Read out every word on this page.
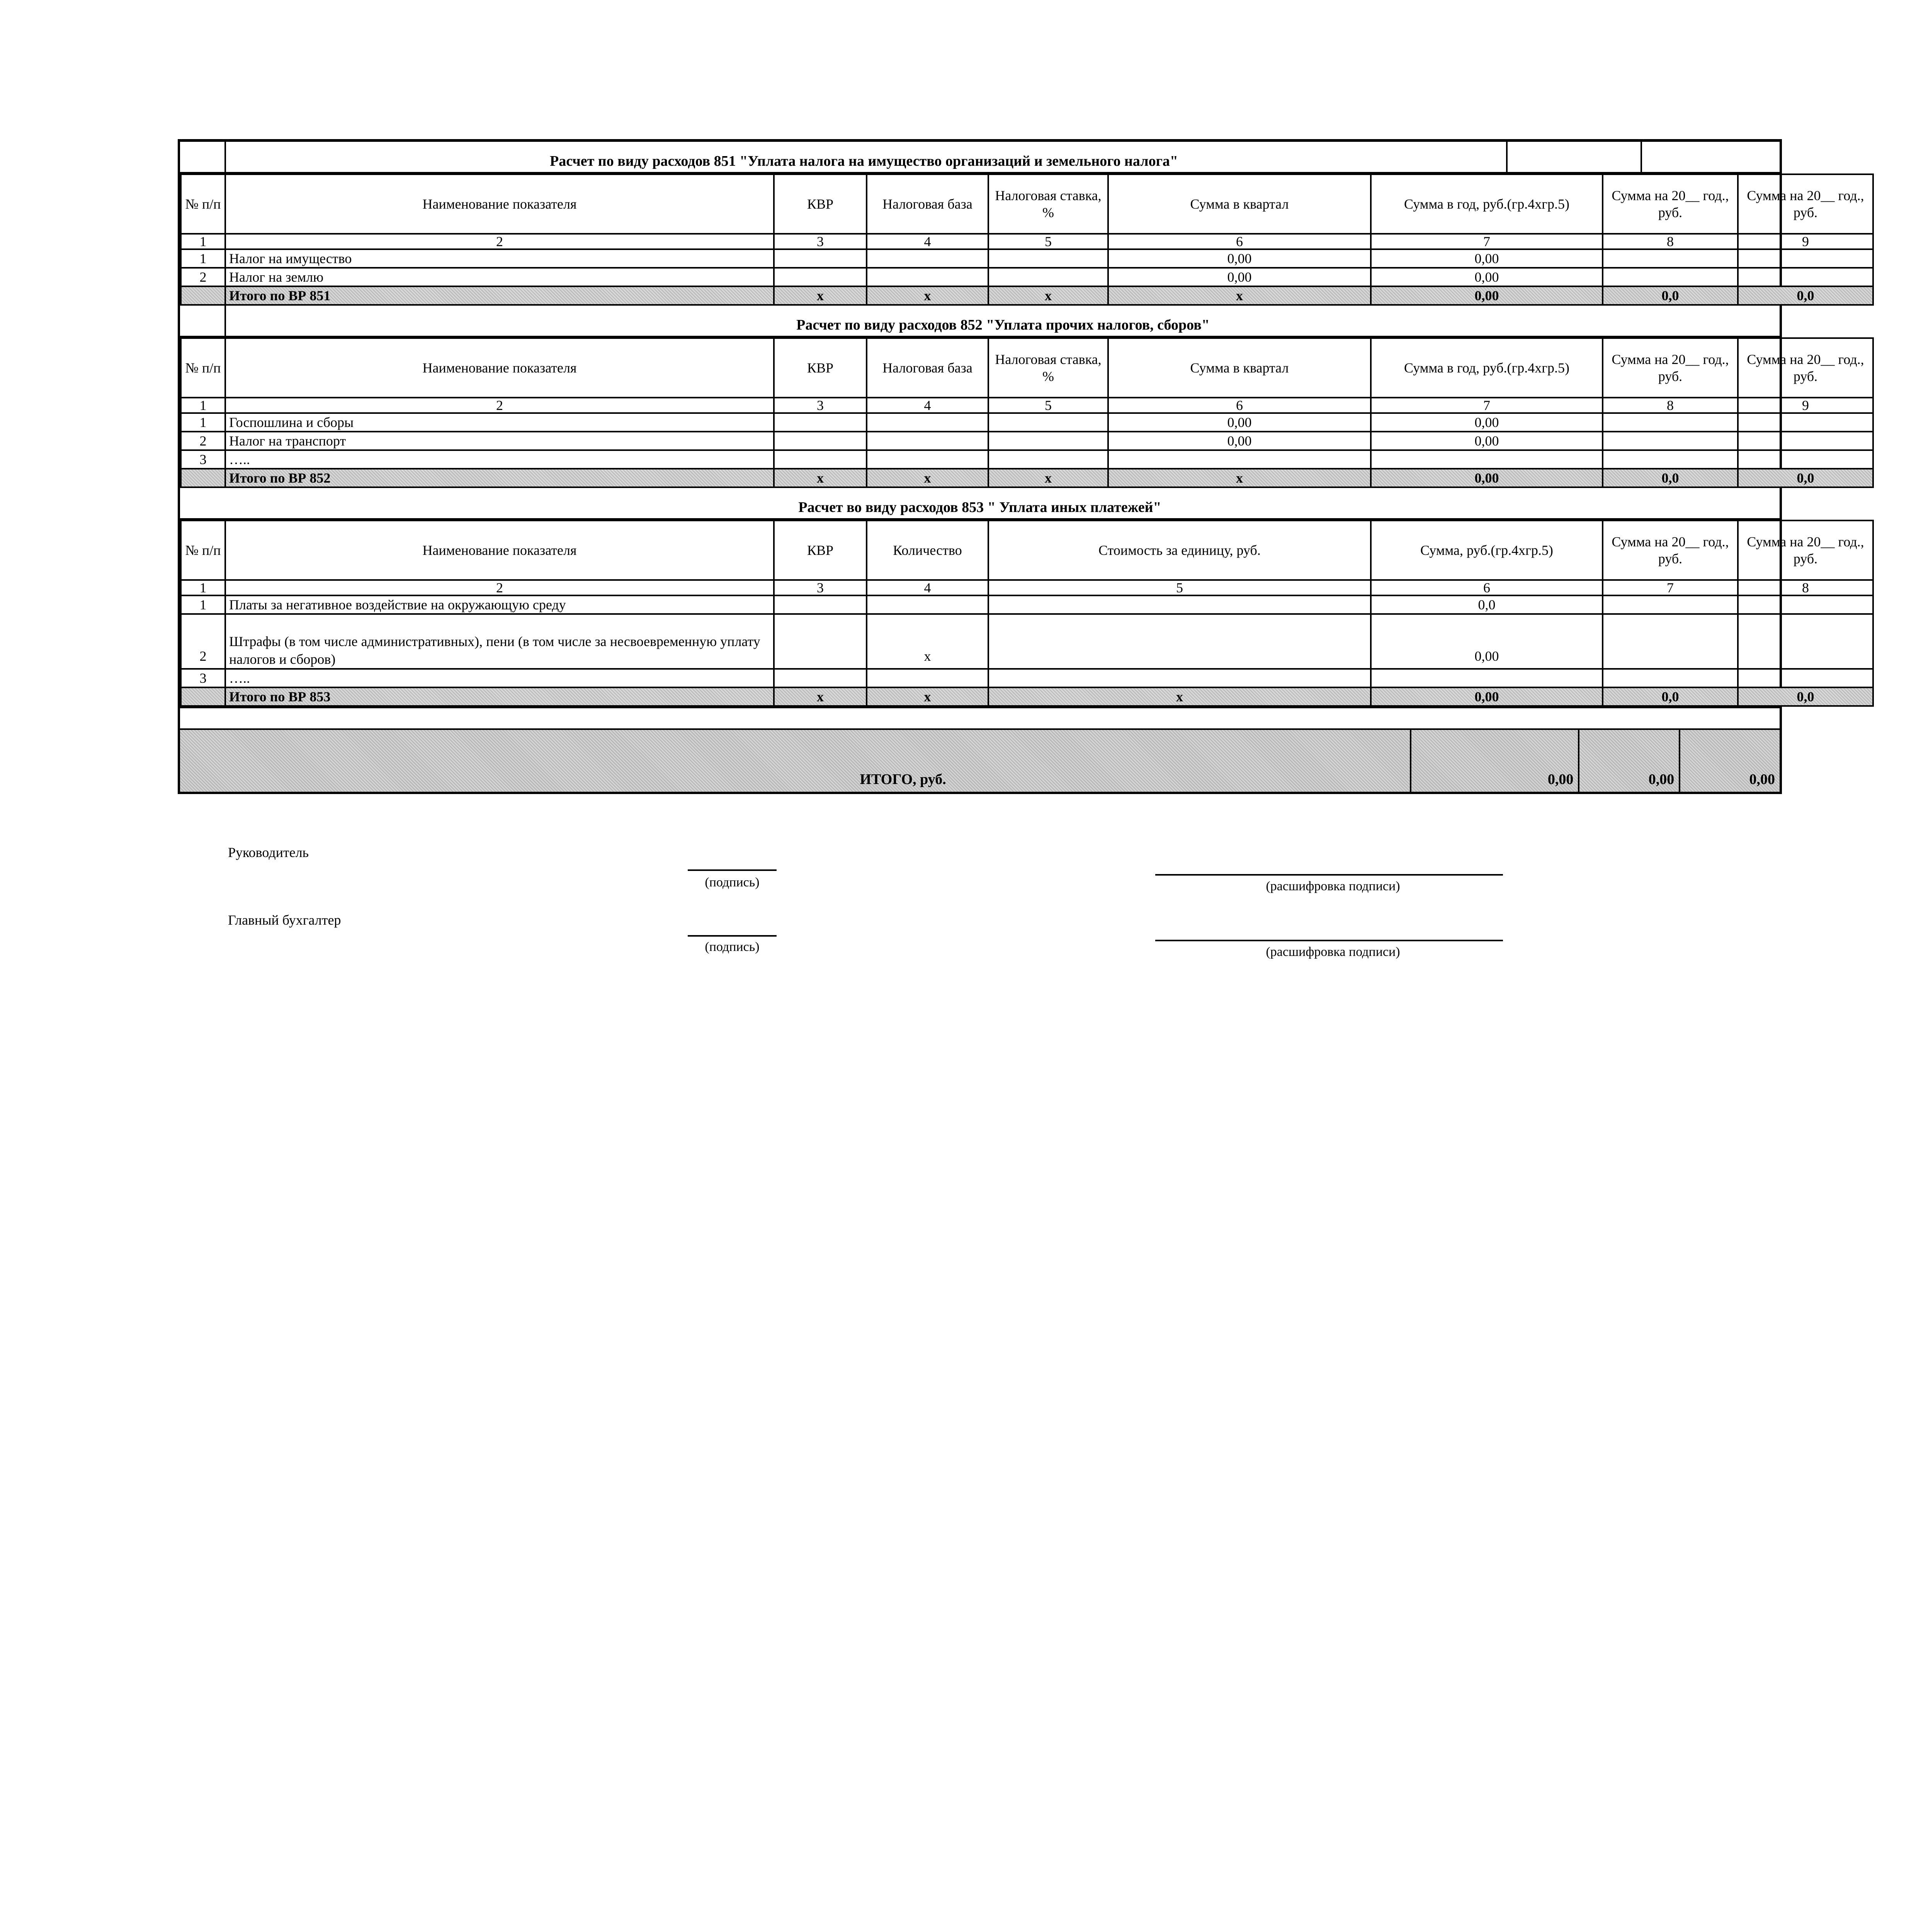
Расчет по виду расходов 851 "Уплата налога на имущество организаций и земельного налога"
№ п/п	Наименование показателя	КВР	Налоговая база	Налоговая ставка, %	Сумма в квартал	Сумма в год, руб.(гр.4хгр.5)	Сумма на 20__ год., руб.	Сумма на 20__ год., руб.
1	2	3	4	5	6	7	8	9
1	Налог на имущество				0,00	0,00		
2	Налог на землю				0,00	0,00		
	Итого по ВР 851	x	x	x	x	0,00	0,0	0,0
Расчет по виду расходов 852 "Уплата прочих налогов, сборов"
№ п/п	Наименование показателя	КВР	Налоговая база	Налоговая ставка, %	Сумма в квартал	Сумма в год, руб.(гр.4хгр.5)	Сумма на 20__ год., руб.	Сумма на 20__ год., руб.
1	2	3	4	5	6	7	8	9
1	Госпошлина и сборы				0,00	0,00		
2	Налог на транспорт				0,00	0,00		
3	…..							
	Итого по ВР 852	x	x	x	x	0,00	0,0	0,0
Расчет во виду расходов 853 " Уплата иных платежей"
№ п/п	Наименование показателя	КВР	Количество	Стоимость за единицу, руб.	Сумма, руб.(гр.4хгр.5)	Сумма на 20__ год., руб.	Сумма на 20__ год., руб.
1	2	3	4	5	6	7	8
1	Платы за негативное воздействие на окружающую среду				0,0		
2	Штрафы (в том числе административных), пени (в том числе за несвоевременную уплату налогов и сборов)		x		0,00		
3	…..						
	Итого по ВР 853	x	x	x	0,00	0,0	0,0
ИТОГО, руб.	0,00	0,00	0,00
Руководитель
(подпись)	(расшифровка подписи)
Главный бухгалтер
(подпись)	(расшифровка подписи)
